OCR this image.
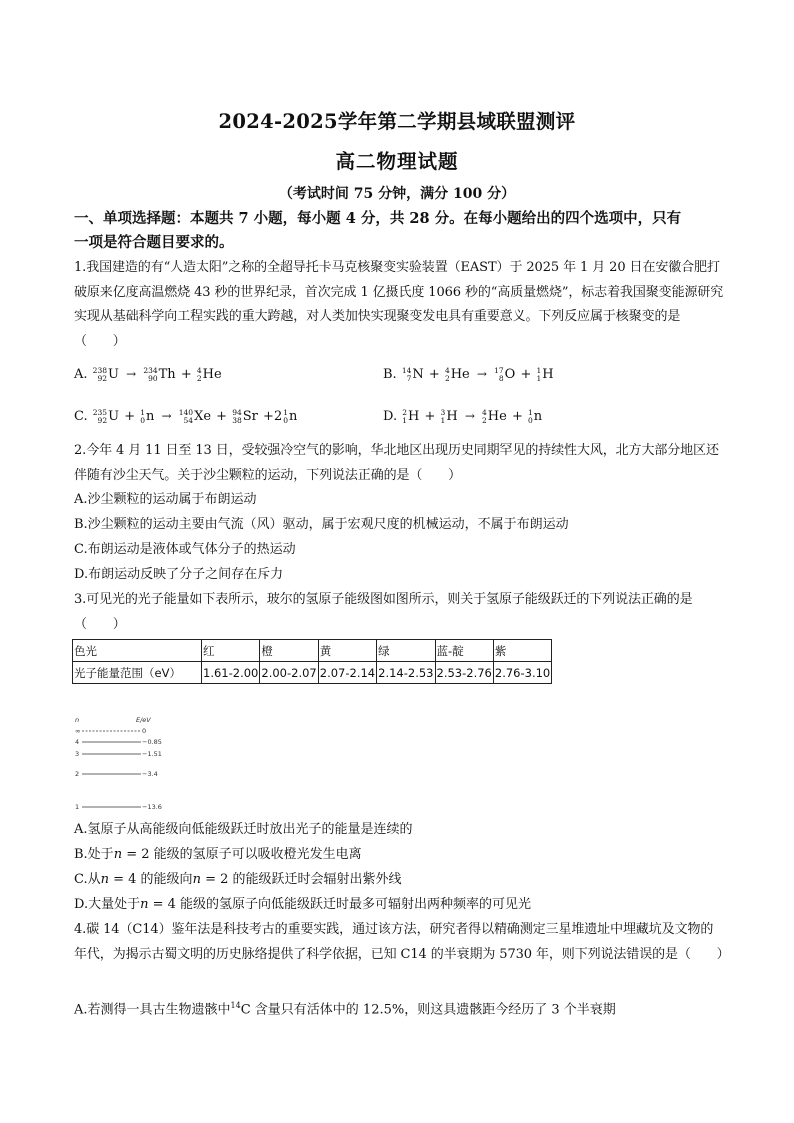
2024-2025学年第二学期县域联盟测评
高二物理试题
（考试时间 75 分钟，满分 100 分）
一、单项选择题：本题共 7 小题，每小题 4 分，共 28 分。在每小题给出的四个选项中，只有
一项是符合题目要求的。
1.我国建造的有“人造太阳”之称的全超导托卡马克核聚变实验装置（EAST）于 2025 年 1 月 20 日在安徽合肥打破原来亿度高温燃烧 43 秒的世界纪录，首次完成 1 亿摄氏度 1066 秒的“高质量燃烧”，标志着我国聚变能源研究实现从基础科学向工程实践的重大跨越，对人类加快实现聚变发电具有重要意义。下列反应属于核聚变的是（　　）
A. 238
92 U → 234
90 Th + 4
2 He	B. 14
7 N + 4
2 He → 17
8 O + 1
1 H
C. 235
92 U + 1
0 n → 140
54 Xe + 94
38 Sr +2 1
0 n	D. 2
1 H + 3
1 H → 4
2 He + 1
0 n
2.今年 4 月 11 日至 13 日，受较强冷空气的影响，华北地区出现历史同期罕见的持续性大风，北方大部分地区还伴随有沙尘天气。关于沙尘颗粒的运动，下列说法正确的是（　　）
A.沙尘颗粒的运动属于布朗运动
B.沙尘颗粒的运动主要由气流（风）驱动，属于宏观尺度的机械运动，不属于布朗运动
C.布朗运动是液体或气体分子的热运动
D.布朗运动反映了分子之间存在斥力
3.可见光的光子能量如下表所示，玻尔的氢原子能级图如图所示，则关于氢原子能级跃迁的下列说法正确的是（　　）
色光	红	橙	黄	绿	蓝-靛	紫
光子能量范围（eV）	1.61-2.00	2.00-2.07	2.07-2.14	2.14-2.53	2.53-2.76	2.76-3.10
n	E/eV
∞	0
4	−0.85
3	−1.51
2	−3.4
1	−13.6
A.氢原子从高能级向低能级跃迁时放出光子的能量是连续的
B.处于n = 2 能级的氢原子可以吸收橙光发生电离
C.从n = 4 的能级向n = 2 的能级跃迁时会辐射出紫外线
D.大量处于n = 4 能级的氢原子向低能级跃迁时最多可辐射出两种频率的可见光
4.碳 14（C14）鉴年法是科技考古的重要实践，通过该方法，研究者得以精确测定三星堆遗址中埋藏坑及文物的年代，为揭示古蜀文明的历史脉络提供了科学依据，已知 C14 的半衰期为 5730 年，则下列说法错误的是（　　）
A.若测得一具古生物遗骸中$^{14}$C 含量只有活体中的 12.5%，则这具遗骸距今经历了 3 个半衰期
